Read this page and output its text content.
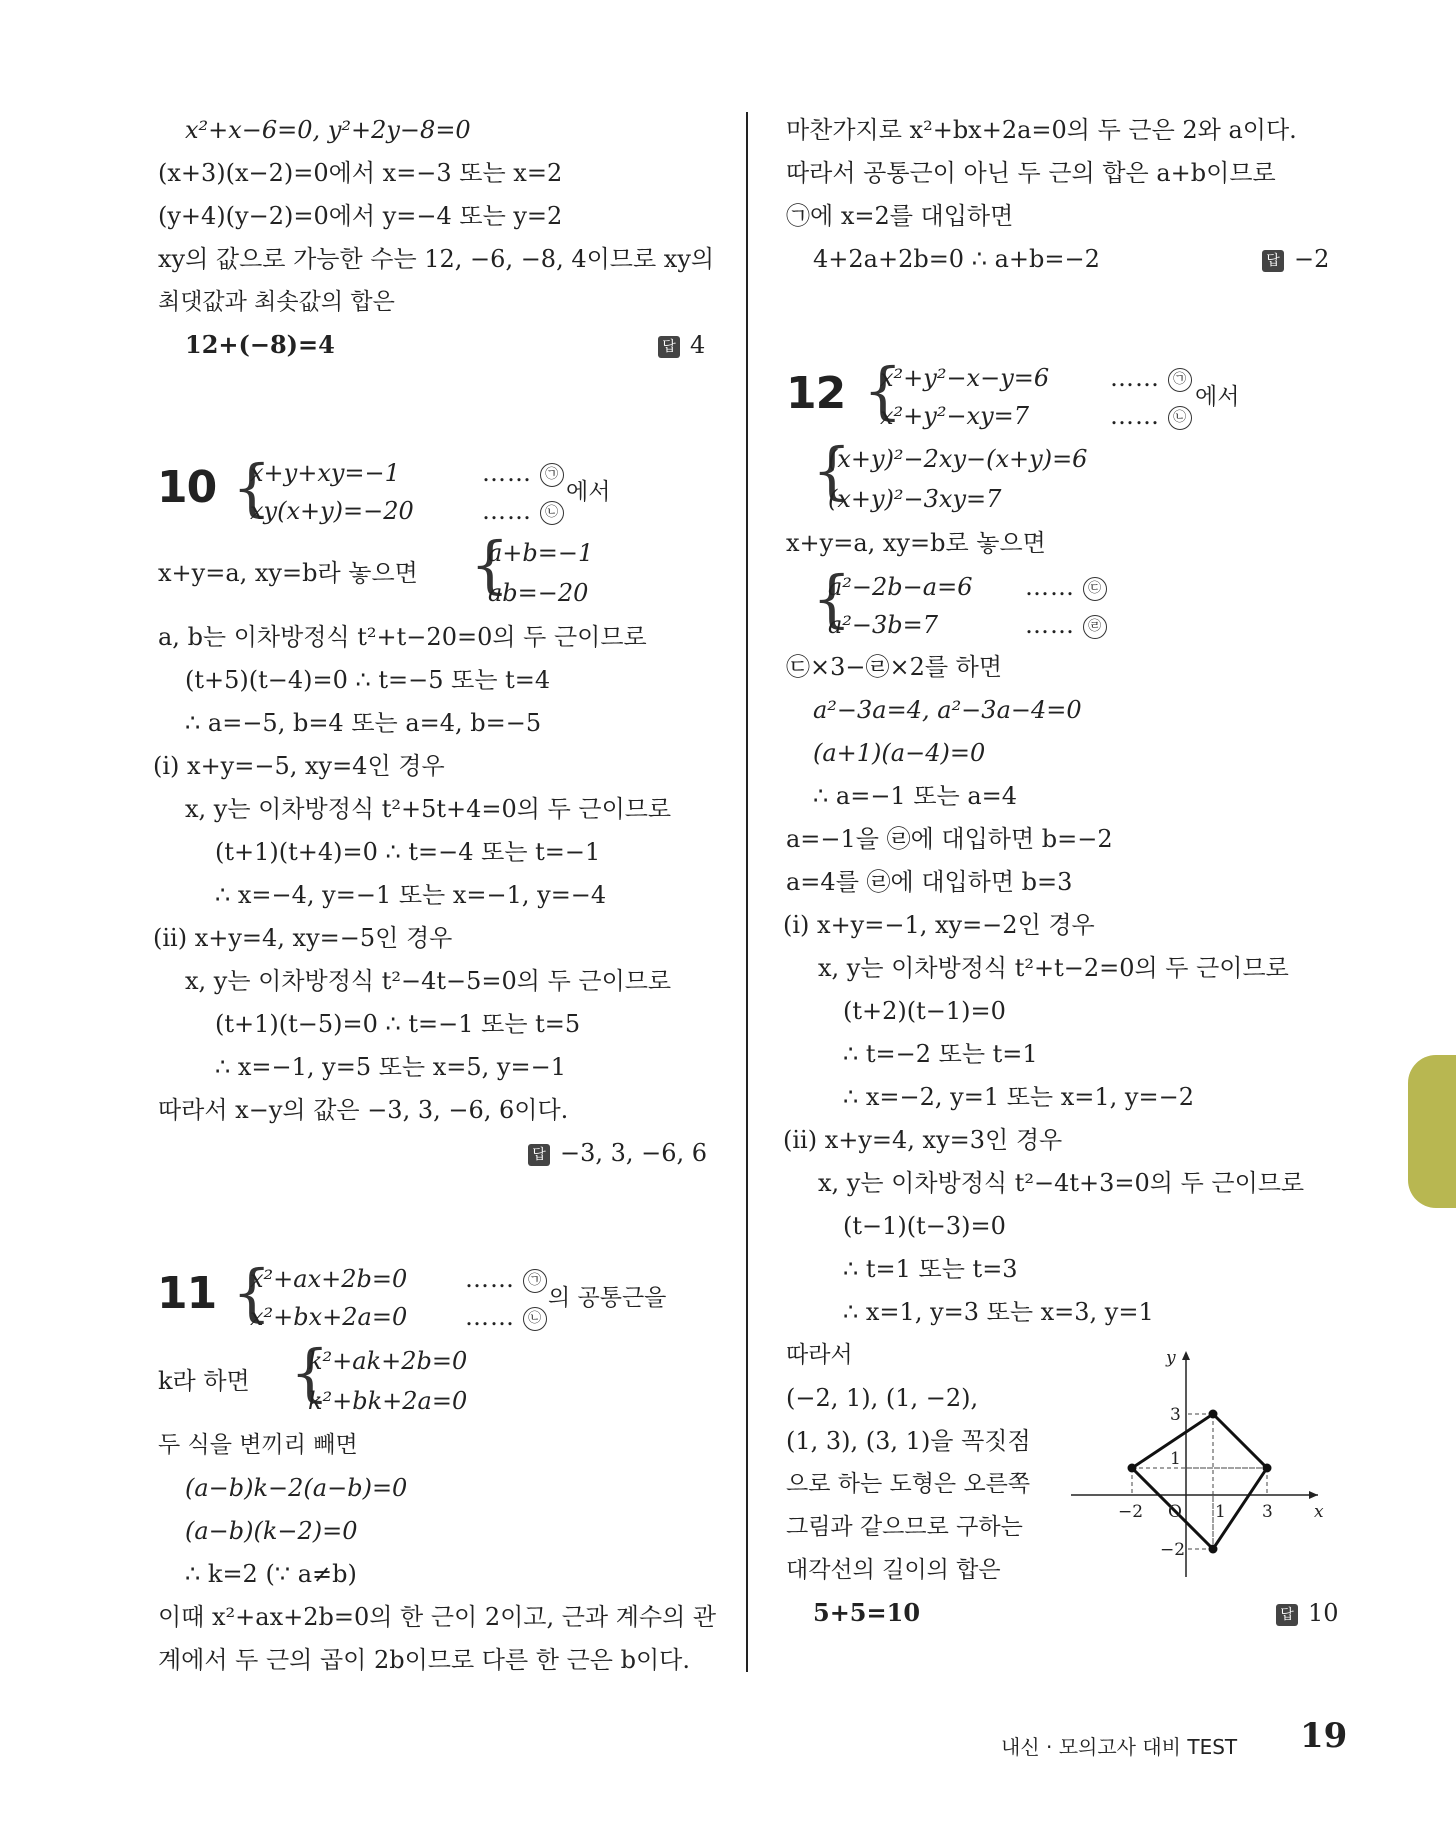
x²+x−6=0, y²+2y−8=0
(x+3)(x−2)=0에서 x=−3 또는 x=2
(y+4)(y−2)=0에서 y=−4 또는 y=2
xy의 값으로 가능한 수는 12, −6, −8, 4이므로 xy의
최댓값과 최솟값의 합은
12+(−8)=4	답 4
10 {
x+y+xy=−1
xy(x+y)=−20
…… ㉠
…… ㉡
에서
x+y=a, xy=b라 놓으면 {
a+b=−1
ab=−20
a, b는 이차방정식 t²+t−20=0의 두 근이므로
(t+5)(t−4)=0 ∴ t=−5 또는 t=4
∴ a=−5, b=4 또는 a=4, b=−5
(i) x+y=−5, xy=4인 경우
x, y는 이차방정식 t²+5t+4=0의 두 근이므로
(t+1)(t+4)=0 ∴ t=−4 또는 t=−1
∴ x=−4, y=−1 또는 x=−1, y=−4
(ii) x+y=4, xy=−5인 경우
x, y는 이차방정식 t²−4t−5=0의 두 근이므로
(t+1)(t−5)=0 ∴ t=−1 또는 t=5
∴ x=−1, y=5 또는 x=5, y=−1
따라서 x−y의 값은 −3, 3, −6, 6이다.
답 −3, 3, −6, 6
11 {
x²+ax+2b=0
x²+bx+2a=0
…… ㉠
…… ㉡
의 공통근을
k라 하면 {
k²+ak+2b=0
k²+bk+2a=0
두 식을 변끼리 빼면
(a−b)k−2(a−b)=0
(a−b)(k−2)=0
∴ k=2 (∵ a≠b)
이때 x²+ax+2b=0의 한 근이 2이고, 근과 계수의 관
계에서 두 근의 곱이 2b이므로 다른 한 근은 b이다.
마찬가지로 x²+bx+2a=0의 두 근은 2와 a이다.
따라서 공통근이 아닌 두 근의 합은 a+b이므로
㉠에 x=2를 대입하면
4+2a+2b=0 ∴ a+b=−2	답 −2
12 {
x²+y²−x−y=6
x²+y²−xy=7
…… ㉠
…… ㉡
에서
{
(x+y)²−2xy−(x+y)=6
(x+y)²−3xy=7
x+y=a, xy=b로 놓으면
{
a²−2b−a=6
a²−3b=7
…… ㉢
…… ㉣
㉢×3−㉣×2를 하면
a²−3a=4, a²−3a−4=0
(a+1)(a−4)=0
∴ a=−1 또는 a=4
a=−1을 ㉣에 대입하면 b=−2
a=4를 ㉣에 대입하면 b=3
(i) x+y=−1, xy=−2인 경우
x, y는 이차방정식 t²+t−2=0의 두 근이므로
(t+2)(t−1)=0
∴ t=−2 또는 t=1
∴ x=−2, y=1 또는 x=1, y=−2
(ii) x+y=4, xy=3인 경우
x, y는 이차방정식 t²−4t+3=0의 두 근이므로
(t−1)(t−3)=0
∴ t=1 또는 t=3
∴ x=1, y=3 또는 x=3, y=1
따라서
(−2, 1), (1, −2),
(1, 3), (3, 1)을 꼭짓점
으로 하는 도형은 오른쪽
그림과 같으므로 구하는
대각선의 길이의 합은
5+5=10	답 10
x
y
O
−2	1 3
3
1
−2
내신 · 모의고사 대비 TEST 19
